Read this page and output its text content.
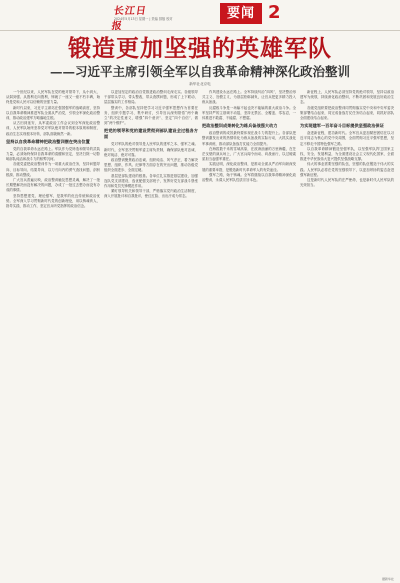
长江日报
2024年5月13日 星期一 | 责编 排版 校对	要闻 2
锻造更加坚强的英雄军队
——习近平主席引领全军以自我革命精神深化政治整训
新华社北京电

一个世纪以来，人民军队在党的绝对领导下，从小到大、从弱到强、从胜利走向胜利，铸就了一座又一座不朽丰碑，始终是党和人民可以信赖的坚强力量。

新时代以来，习近平主席站在强国强军的战略高度，坚持以自我革命精神推进军队全面从严治党，引领全军深化政治整训，推动政治建军方略落地生根。

从古田到延安，从军委政治工作会议到全军深化政治整训，人民军队始终坚持党对军队绝对领导的根本原则和制度，政治生态实现根本好转，部队面貌焕然一新。

坚持以自我革命精神把政治整训摆在突出位置

党的自我革命永远在路上。军队作为党缔造和领导的武装力量，必须始终保持自我革命的清醒和坚定，坚决扫除一切影响部队纯洁和战斗力的积弊沉疴。

各级党委把政治整训作为一项重大政治任务，坚持问题导向、目标导向、结果导向，以刀刃向内的勇气查找问题、剖析根源、推动整改。

广大官兵普遍反映，政治整训触及思想灵魂，解决了一批长期想解决而没有解决的问题，办成了一批过去想办而没有办成的事情。

坚持思想建党、理论强军，是我军的优良传统和政治优势。全军深入学习贯彻新时代党的创新理论，用以铸魂育人、指导实践、推动工作，坚定官兵听党指挥的政治信念。

以更加坚定的政治自觉推进政治整训走深走实。各级领导干部带头学习、带头整改，带头查摆问题，形成了上下联动、层层落实的工作格局。

整训中，各部队坚持把学习习近平强军思想作为首要任务，组织专题学习、集中研讨，引导官兵深刻领悟“两个确立”的决定性意义，增强“四个意识”、坚定“四个自信”、做到“两个维护”。

把党的领导和党的建设贯彻到部队建设全过程各方面

党对军队的绝对领导是人民军队的建军之本、强军之魂。新时代，全军坚决贯彻军委主席负责制，确保部队绝对忠诚、绝对纯洁、绝对可靠。

政治整训聚焦政治忠诚、组织纯洁、风气淳正，着力解决思想、组织、作风、纪律等方面存在的突出问题，推动各级党组织全面进步、全面过硬。

基层是部队建设的根基。各单位扎实推进基层建设，加强连队党支部建设，选优配强支部班子，发挥好党支部战斗堡垒作用和党员先锋模范作用。

紧盯领导机关和领导干部，严格落实党内政治生活制度，深入开展批评和自我批评，使红红脸、出出汗成为常态。

作风建设永远在路上。全军持续纠治“四风”，坚决整治形式主义、官僚主义，为基层松绑减负，让官兵把更多精力投入练兵备战。

反腐败斗争是一场输不起也决不能输的重大政治斗争。全军坚持严的主基调不动摇，坚持无禁区、全覆盖、零容忍，一体推进不敢腐、不能腐、不想腐。

把政治整训成果转化为练兵备战强大动力

政治整训的成效最终要体现在战斗力的提升上。各部队把整训激发出来的热情转化为练兵备战的实际行动，大抓实战化军事训练，推动部队备战打仗能力全面提升。

在海拔数千米的雪域高原，在波涛汹涌的万里海疆，在茫茫戈壁的演兵场上，广大官兵闻令而动、向战而行，以过硬素质担当起强军重任。

实践证明，深化政治整训，是推动全面从严治军向纵深发展的重要举措，是锻造新时代革命军人的有效途径。

强军之路，始于铸魂。全军将继续以自我革命精神深化政治整训，永葆人民军队性质宗旨本色。

新征程上，人民军队必须坚持党的绝对领导，坚持以政治建军为统领，持续深化政治整训，不断巩固和发展良好政治生态。

各级党组织要把政治整训同贯彻落实党中央和中央军委决策部署结合起来，同完成备战打仗任务结合起来，同抓好部队全面建设结合起来。

为实现建军一百年奋斗目标提供坚强政治保证

奋进新征程，建功新时代。全军官兵更加紧密团结在以习近平同志为核心的党中央周围，全面贯彻习近平强军思想，坚定不移走中国特色强军之路。

以自我革命精神锻造坚强军队，以坚强军队捍卫国家主权、安全、发展利益，为全面建设社会主义现代化国家、全面推进中华民族伟大复兴提供坚强战略支撑。

伟大的事业需要坚强的队伍，坚强的队伍锻造于伟大的实践。人民军队必将在党的坚强领导下，以更加昂扬的姿态奋进强军新征程。

这是新时代人民军队的庄严使命，也是新时代人民军队的光荣担当。

据新华社
